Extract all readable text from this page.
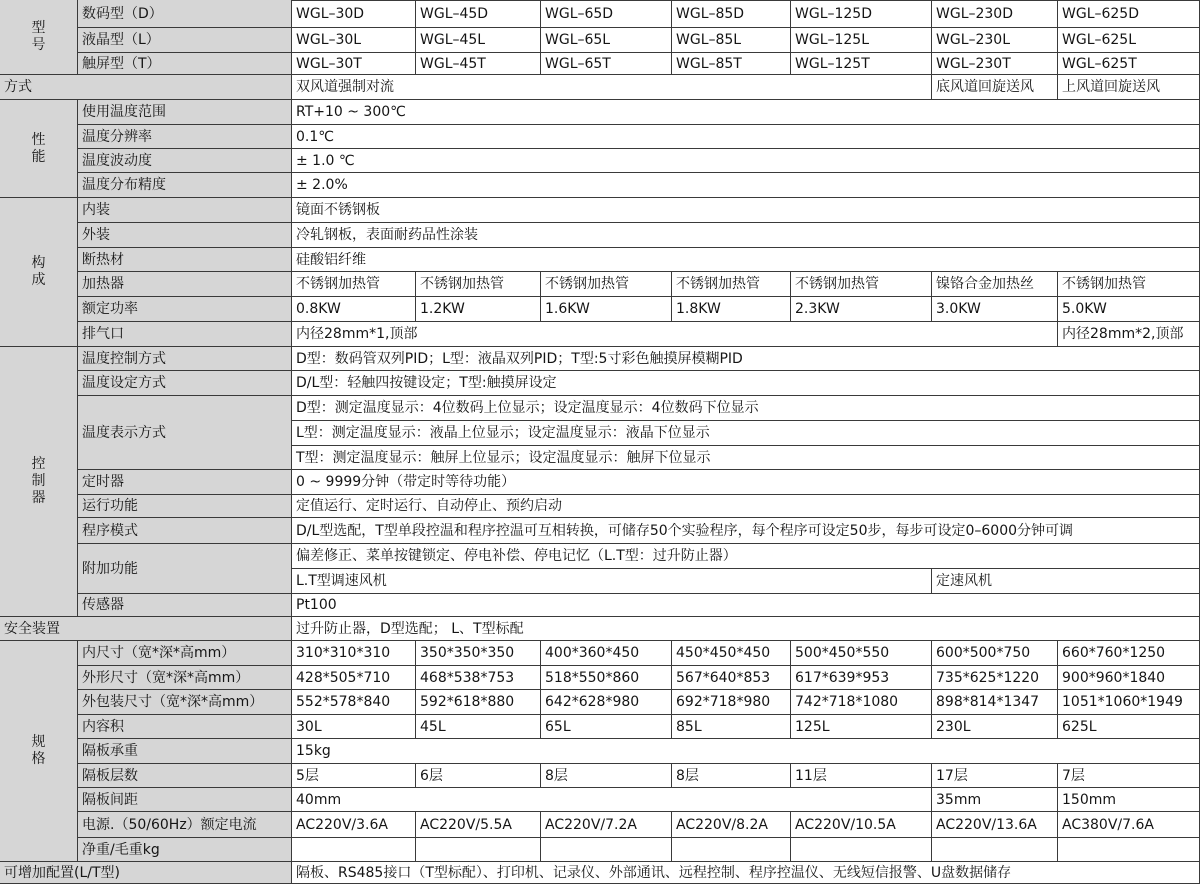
型
号
数码型（D）	WGL–30D	WGL–45D	WGL–65D	WGL–85D	WGL–125D	WGL–230D	WGL–625D
液晶型（L）	WGL–30L	WGL–45L	WGL–65L	WGL–85L	WGL–125L	WGL–230L	WGL–625L
触屏型（T）	WGL–30T	WGL–45T	WGL–65T	WGL–85T	WGL–125T	WGL–230T	WGL–625T
方式	双风道强制对流	底风道回旋送风	上风道回旋送风
性
能
使用温度范围	RT+10 ~ 300℃
温度分辨率	0.1℃
温度波动度	± 1.0 ℃
温度分布精度	± 2.0%
构
成
内装	镜面不锈钢板
外装	冷轧钢板，表面耐药品性涂装
断热材	硅酸铝纤维
加热器	不锈钢加热管	不锈钢加热管	不锈钢加热管	不锈钢加热管	不锈钢加热管	镍铬合金加热丝	不锈钢加热管
额定功率	0.8KW	1.2KW	1.6KW	1.8KW	2.3KW	3.0KW	5.0KW
排气口	内径28mm*1,顶部	内径28mm*2,顶部
控
制
器
温度控制方式	D型：数码管双列PID；L型：液晶双列PID；T型:5寸彩色触摸屏模糊PID
温度设定方式	D/L型：轻触四按键设定；T型:触摸屏设定
温度表示方式
D型：测定温度显示：4位数码上位显示；设定温度显示：4位数码下位显示
L型：测定温度显示：液晶上位显示；设定温度显示：液晶下位显示
T型：测定温度显示：触屏上位显示；设定温度显示：触屏下位显示
定时器	0 ~ 9999分钟（带定时等待功能）
运行功能	定值运行、定时运行、自动停止、预约启动
程序模式	D/L型选配，T型单段控温和程序控温可互相转换，可储存50个实验程序，每个程序可设定50步，每步可设定0–6000分钟可调
附加功能
偏差修正、菜单按键锁定、停电补偿、停电记忆（L.T型：过升防止器）
L.T型调速风机	定速风机
传感器	Pt100
安全装置	过升防止器，D型选配； L、T型标配
规
格
内尺寸（宽*深*高mm）	310*310*310	350*350*350	400*360*450	450*450*450	500*450*550	600*500*750	660*760*1250
外形尺寸（宽*深*高mm）	428*505*710	468*538*753	518*550*860	567*640*853	617*639*953	735*625*1220	900*960*1840
外包装尺寸（宽*深*高mm）	552*578*840	592*618*880	642*628*980	692*718*980	742*718*1080	898*814*1347	1051*1060*1949
内容积	30L	45L	65L	85L	125L	230L	625L
隔板承重	15kg
隔板层数	5层	6层	8层	8层	11层	17层	7层
隔板间距	40mm	35mm	150mm
电源.（50/60Hz）额定电流	AC220V/3.6A	AC220V/5.5A	AC220V/7.2A	AC220V/8.2A	AC220V/10.5A	AC220V/13.6A	AC380V/7.6A
净重/毛重kg
可增加配置(L/T型)	隔板、RS485接口（T型标配）、打印机、记录仪、外部通讯、远程控制、程序控温仪、无线短信报警、U盘数据储存
